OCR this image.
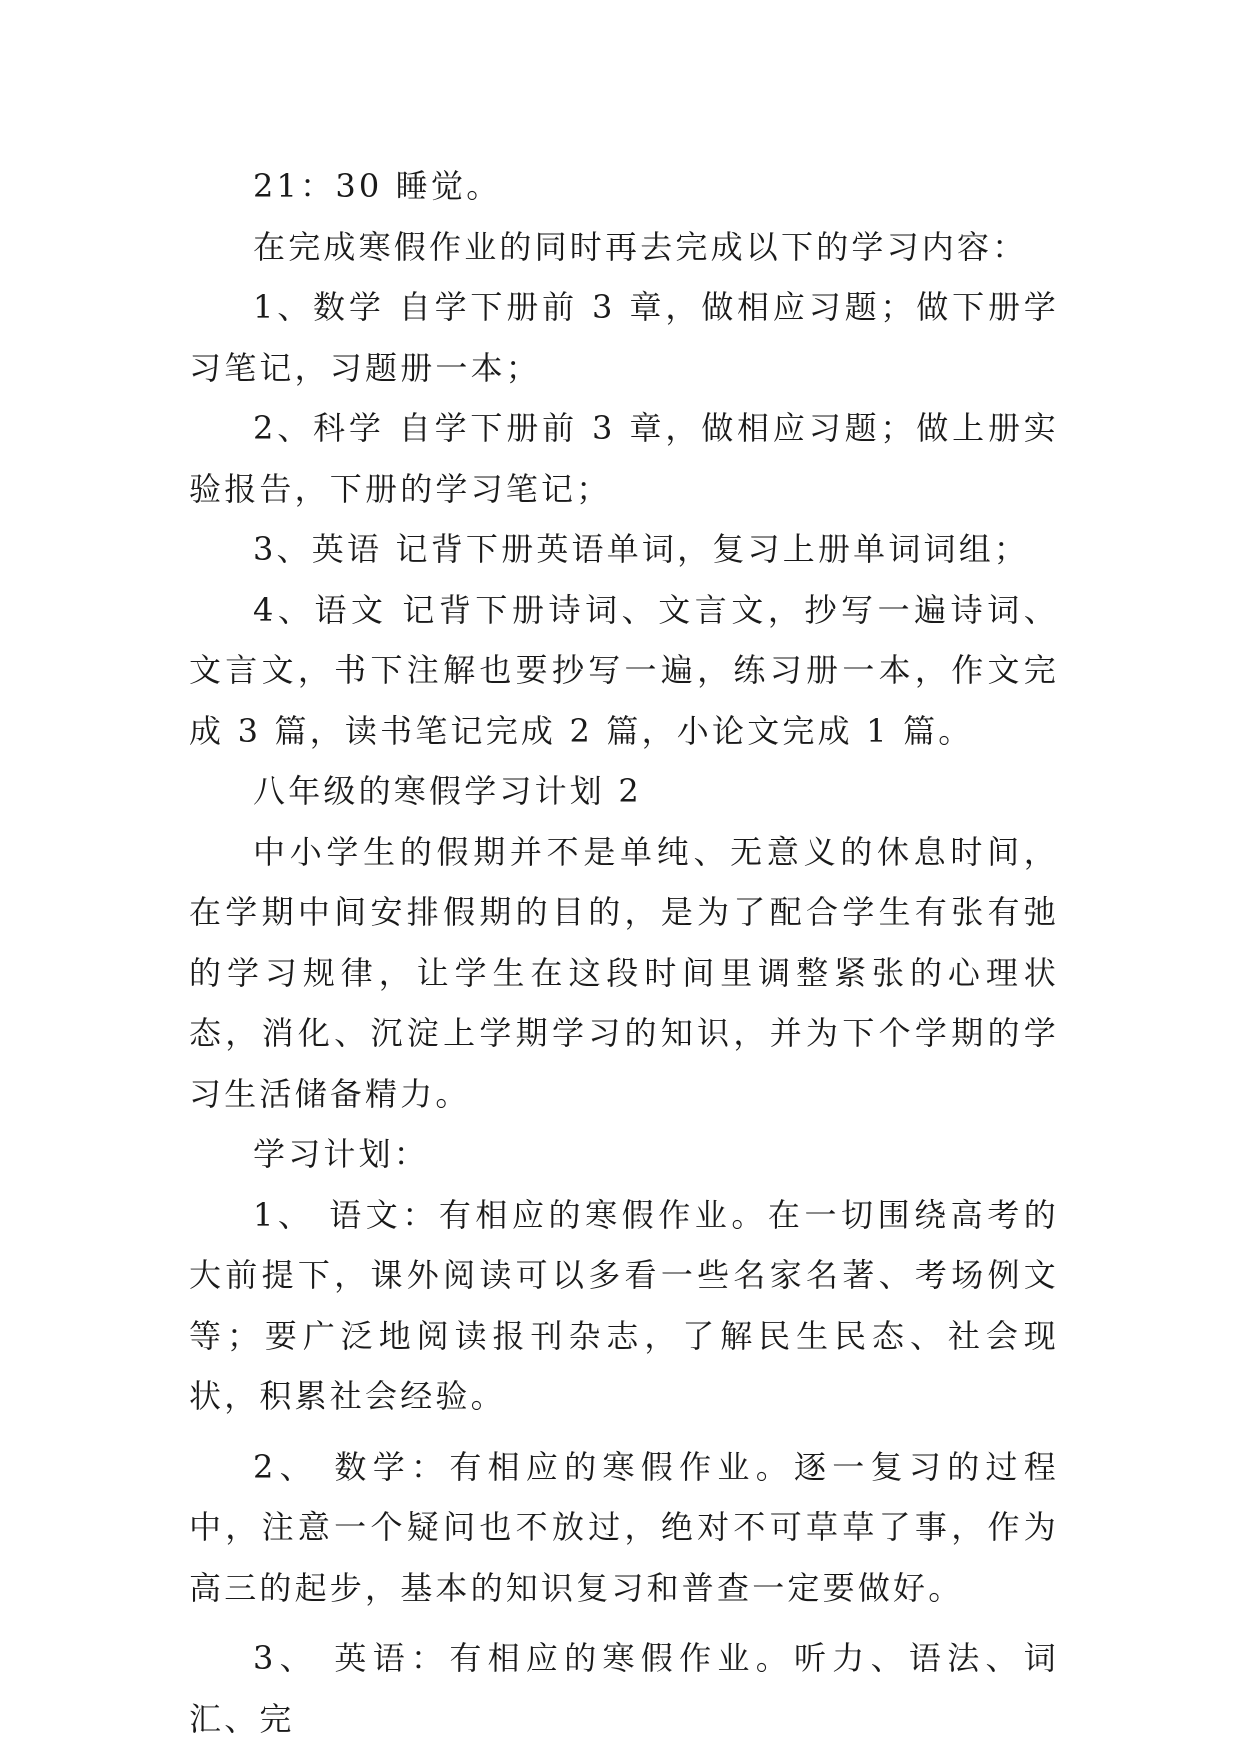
21：30 睡觉。

在完成寒假作业的同时再去完成以下的学习内容：

1、数学 自学下册前 3 章，做相应习题；做下册学习笔记，习题册一本；

2、科学 自学下册前 3 章，做相应习题；做上册实验报告，下册的学习笔记；

3、英语 记背下册英语单词，复习上册单词词组；

4、语文 记背下册诗词、文言文，抄写一遍诗词、文言文，书下注解也要抄写一遍，练习册一本，作文完成 3 篇，读书笔记完成 2 篇，小论文完成 1 篇。

八年级的寒假学习计划 2

中小学生的假期并不是单纯、无意义的休息时间，在学期中间安排假期的目的，是为了配合学生有张有弛的学习规律，让学生在这段时间里调整紧张的心理状态，消化、沉淀上学期学习的知识，并为下个学期的学习生活储备精力。

学习计划：

1、 语文：有相应的寒假作业。在一切围绕高考的大前提下，课外阅读可以多看一些名家名著、考场例文等；要广泛地阅读报刊杂志，了解民生民态、社会现状，积累社会经验。

2、 数学：有相应的寒假作业。逐一复习的过程中，注意一个疑问也不放过，绝对不可草草了事，作为高三的起步，基本的知识复习和普查一定要做好。

3、 英语：有相应的寒假作业。听力、语法、词汇、完
